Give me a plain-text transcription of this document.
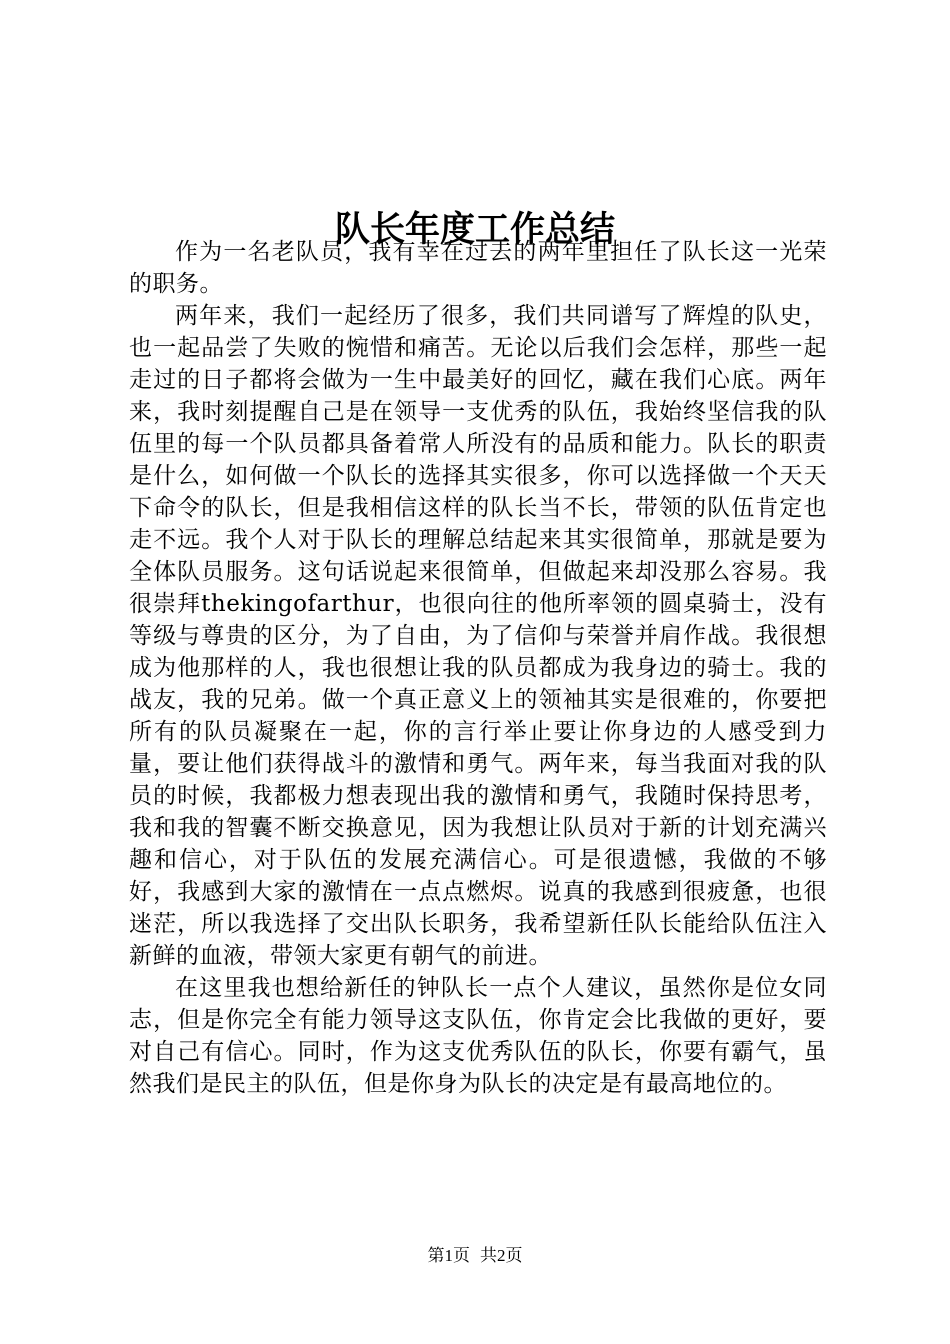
队长年度工作总结

作为一名老队员，我有幸在过去的两年里担任了队长这一光荣的职务。

两年来，我们一起经历了很多，我们共同谱写了辉煌的队史，也一起品尝了失败的惋惜和痛苦。无论以后我们会怎样，那些一起走过的日子都将会做为一生中最美好的回忆，藏在我们心底。两年来，我时刻提醒自己是在领导一支优秀的队伍，我始终坚信我的队伍里的每一个队员都具备着常人所没有的品质和能力。队长的职责是什么，如何做一个队长的选择其实很多，你可以选择做一个天天下命令的队长，但是我相信这样的队长当不长，带领的队伍肯定也走不远。我个人对于队长的理解总结起来其实很简单，那就是要为全体队员服务。这句话说起来很简单，但做起来却没那么容易。我很崇拜thekingofarthur，也很向往的他所率领的圆桌骑士，没有等级与尊贵的区分，为了自由，为了信仰与荣誉并肩作战。我很想成为他那样的人，我也很想让我的队员都成为我身边的骑士。我的战友，我的兄弟。做一个真正意义上的领袖其实是很难的，你要把所有的队员凝聚在一起，你的言行举止要让你身边的人感受到力量，要让他们获得战斗的激情和勇气。两年来，每当我面对我的队员的时候，我都极力想表现出我的激情和勇气，我随时保持思考，我和我的智囊不断交换意见，因为我想让队员对于新的计划充满兴趣和信心，对于队伍的发展充满信心。可是很遗憾，我做的不够好，我感到大家的激情在一点点燃烬。说真的我感到很疲惫，也很迷茫，所以我选择了交出队长职务，我希望新任队长能给队伍注入新鲜的血液，带领大家更有朝气的前进。

在这里我也想给新任的钟队长一点个人建议，虽然你是位女同志，但是你完全有能力领导这支队伍，你肯定会比我做的更好，要对自己有信心。同时，作为这支优秀队伍的队长，你要有霸气，虽然我们是民主的队伍，但是你身为队长的决定是有最高地位的。

第1页 共2页
